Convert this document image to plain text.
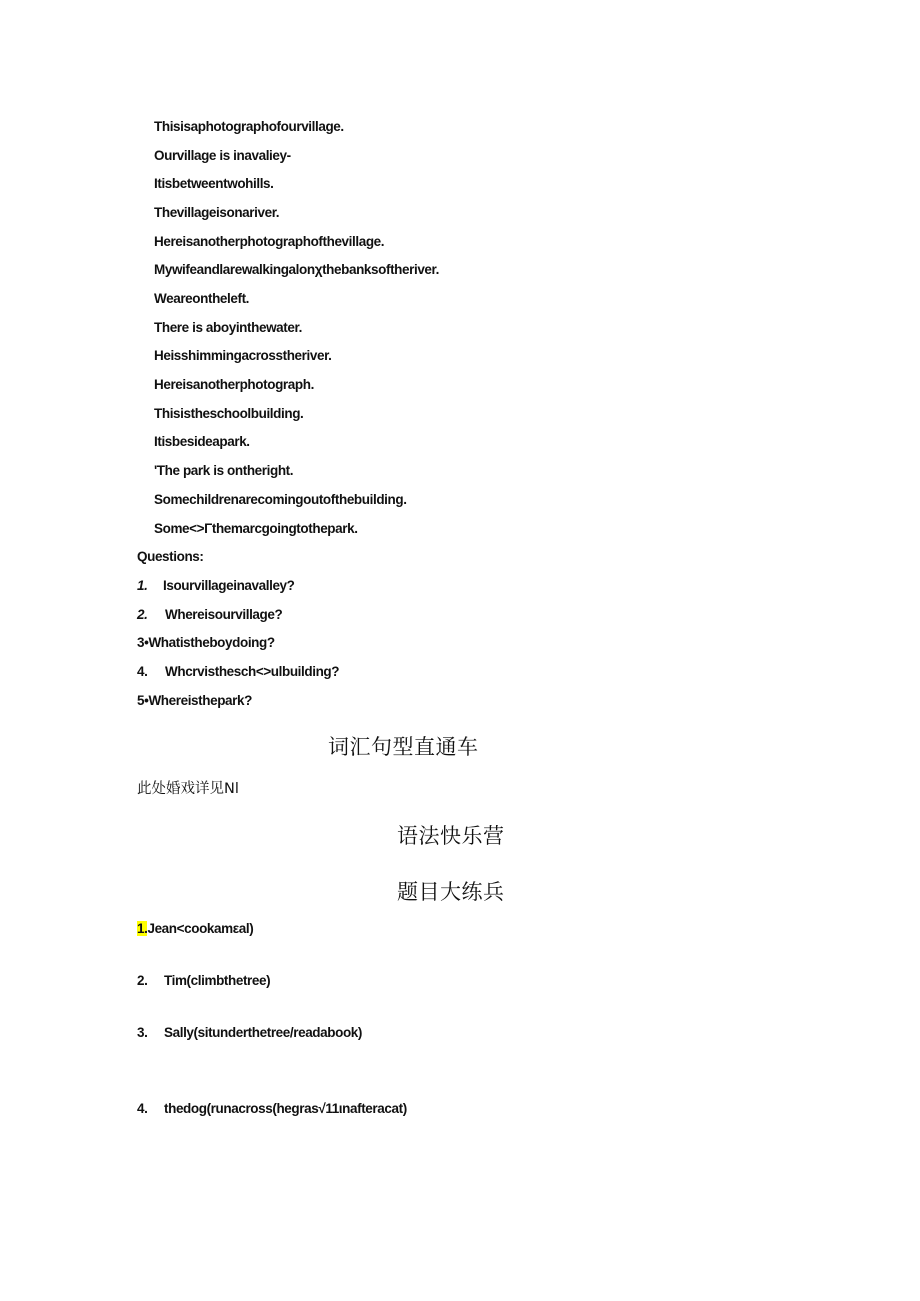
Thisisaphotographofourvillage.
Ourvillage is inavaliey-
Itisbetweentwohills.
Thevillageisonariver.
Hereisanotherphotographofthevillage.
Mywifeandlarewalkingalonχthebanksoftheriver.
Weareontheleft.
There is aboyinthewater.
Heisshimmingacrosstheriver.
Hereisanotherphotograph.
Thisistheschoolbuilding.
Itisbesideapark.
'The park is ontheright.
Somechildrenarecomingoutofthebuilding.
Some<>Γthemarcgoingtothepark.
Questions:
1. Isourvillageinavalley?
2. Whereisourvillage?
3•Whatistheboydoing?
4. Whcrvisthesch<>ulbuilding?
5•Whereisthepark?
词汇句型直通车
此处婚戏详见Nl
语法快乐营
题目大练兵
1.Jean<cookamεal)
2. Tim(climbthetree)
3. Sally(situnderthetree/readabook)
4. thedog(runacross(hegras√11ιnafteracat)
